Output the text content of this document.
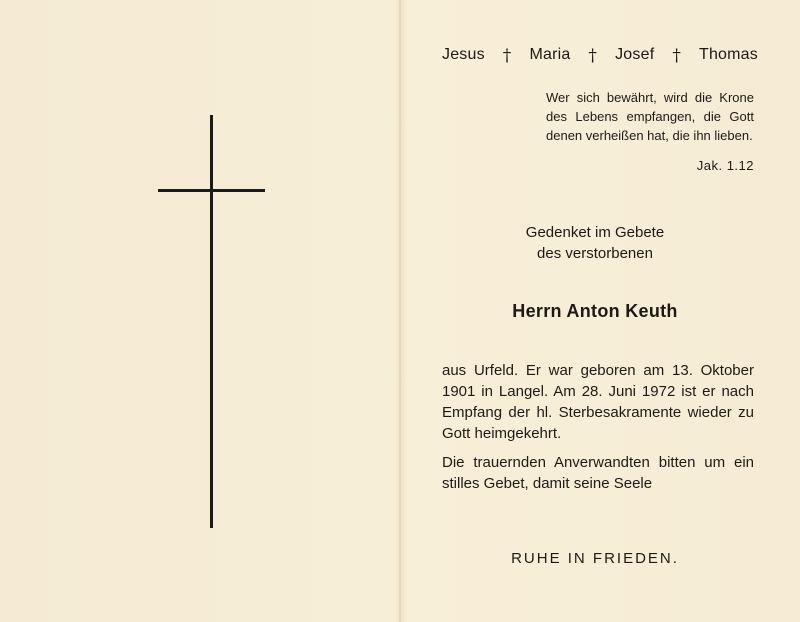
Jesus † Maria † Josef † Thomas
Wer sich bewährt, wird die Krone des Lebens empfangen, die Gott denen verheißen hat, die ihn lieben.
Jak. 1.12
Gedenket im Gebete
des verstorbenen
Herrn Anton Keuth

aus Urfeld. Er war geboren am 13. Oktober 1901 in Langel. Am 28. Juni 1972 ist er nach Empfang der hl. Sterbesakramente wieder zu Gott heimgekehrt.

Die trauernden Anverwandten bitten um ein stilles Gebet, damit seine Seele

RUHE IN FRIEDEN.
